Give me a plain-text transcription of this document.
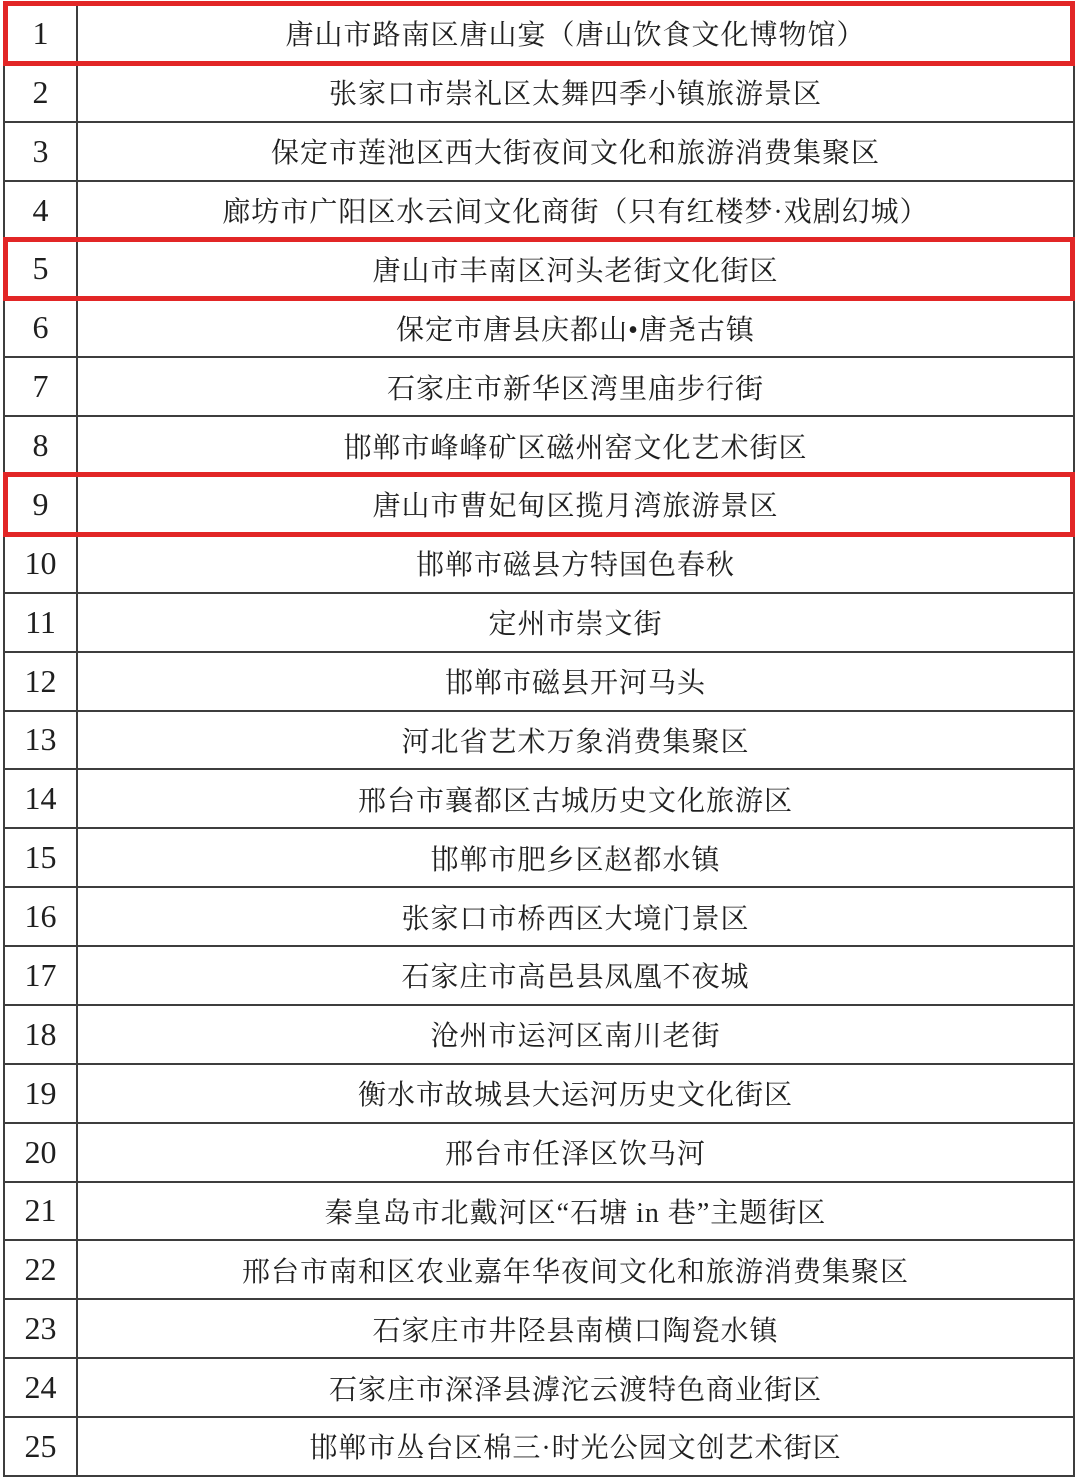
1	唐山市路南区唐山宴（唐山饮食文化博物馆）
2	张家口市崇礼区太舞四季小镇旅游景区
3	保定市莲池区西大街夜间文化和旅游消费集聚区
4	廊坊市广阳区水云间文化商街（只有红楼梦·戏剧幻城）
5	唐山市丰南区河头老街文化街区
6	保定市唐县庆都山•唐尧古镇
7	石家庄市新华区湾里庙步行街
8	邯郸市峰峰矿区磁州窑文化艺术街区
9	唐山市曹妃甸区揽月湾旅游景区
10	邯郸市磁县方特国色春秋
11	定州市崇文街
12	邯郸市磁县开河马头
13	河北省艺术万象消费集聚区
14	邢台市襄都区古城历史文化旅游区
15	邯郸市肥乡区赵都水镇
16	张家口市桥西区大境门景区
17	石家庄市高邑县凤凰不夜城
18	沧州市运河区南川老街
19	衡水市故城县大运河历史文化街区
20	邢台市任泽区饮马河
21	秦皇岛市北戴河区“石塘 in 巷”主题街区
22	邢台市南和区农业嘉年华夜间文化和旅游消费集聚区
23	石家庄市井陉县南横口陶瓷水镇
24	石家庄市深泽县滹沱云渡特色商业街区
25	邯郸市丛台区棉三·时光公园文创艺术街区
